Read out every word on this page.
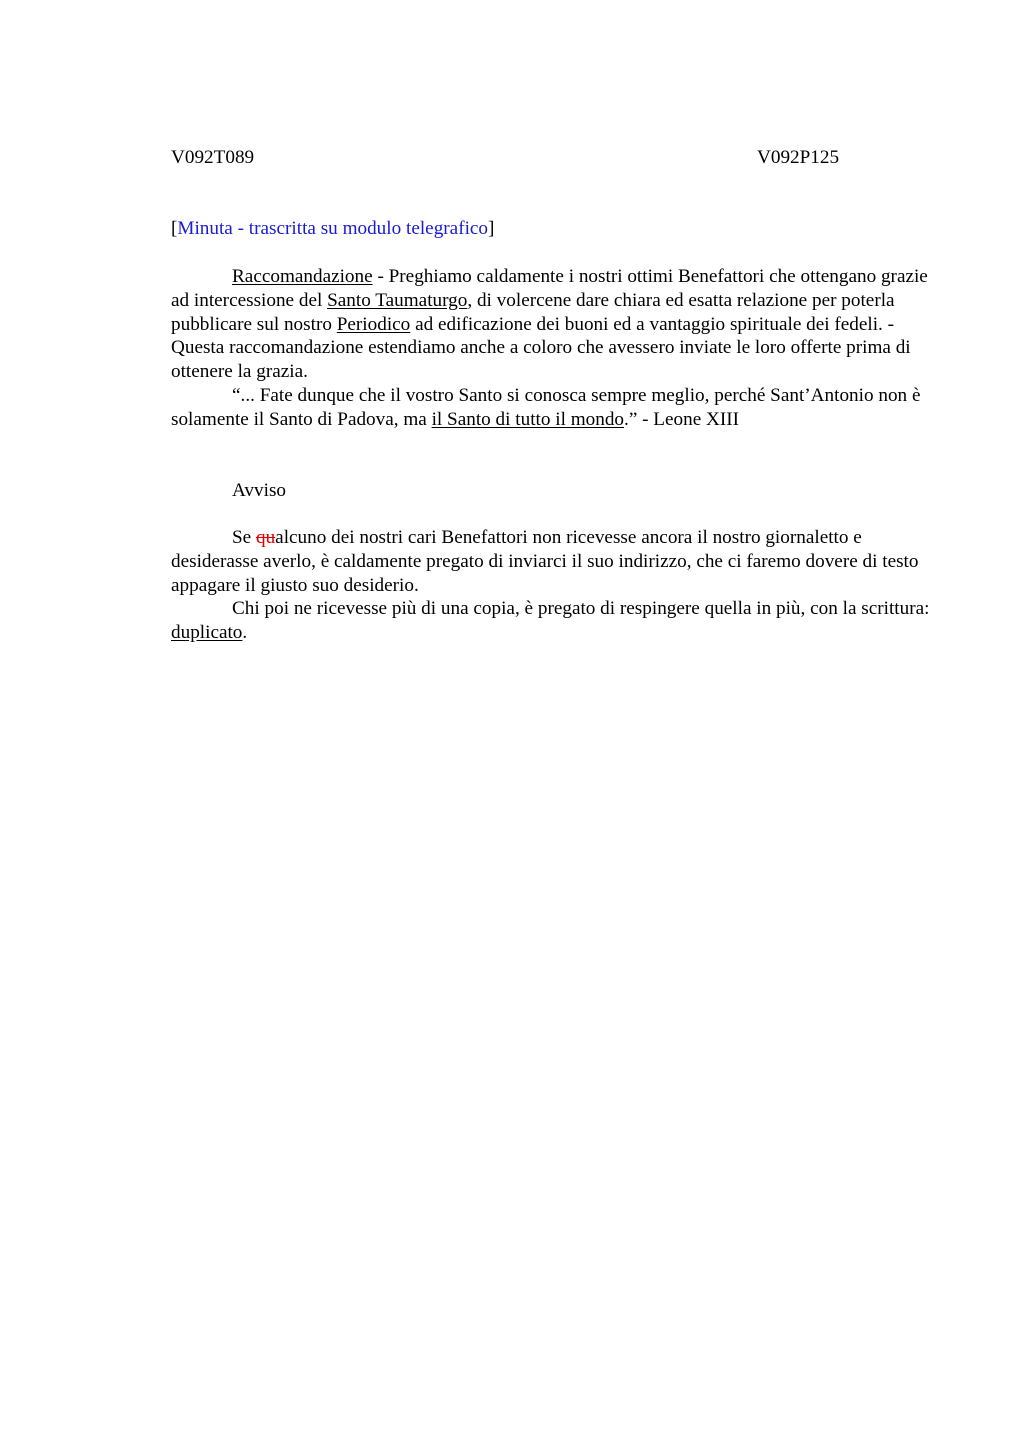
V092T089	V092P125
[Minuta - trascritta su modulo telegrafico]

Raccomandazione - Preghiamo caldamente i nostri ottimi Benefattori che ottengano grazie ad intercessione del Santo Taumaturgo, di volercene dare chiara ed esatta relazione per poterla pubblicare sul nostro Periodico ad edificazione dei buoni ed a vantaggio spirituale dei fedeli. - Questa raccomandazione estendiamo anche a coloro che avessero inviate le loro offerte prima di ottenere la grazia.

“... Fate dunque che il vostro Santo si conosca sempre meglio, perché Sant’Antonio non è solamente il Santo di Padova, ma il Santo di tutto il mondo.” - Leone XIII

Avviso

Se qualcuno dei nostri cari Benefattori non ricevesse ancora il nostro giornaletto e desiderasse averlo, è caldamente pregato di inviarci il suo indirizzo, che ci faremo dovere di testo appagare il giusto suo desiderio.

Chi poi ne ricevesse più di una copia, è pregato di respingere quella in più, con la scrittura: duplicato.
